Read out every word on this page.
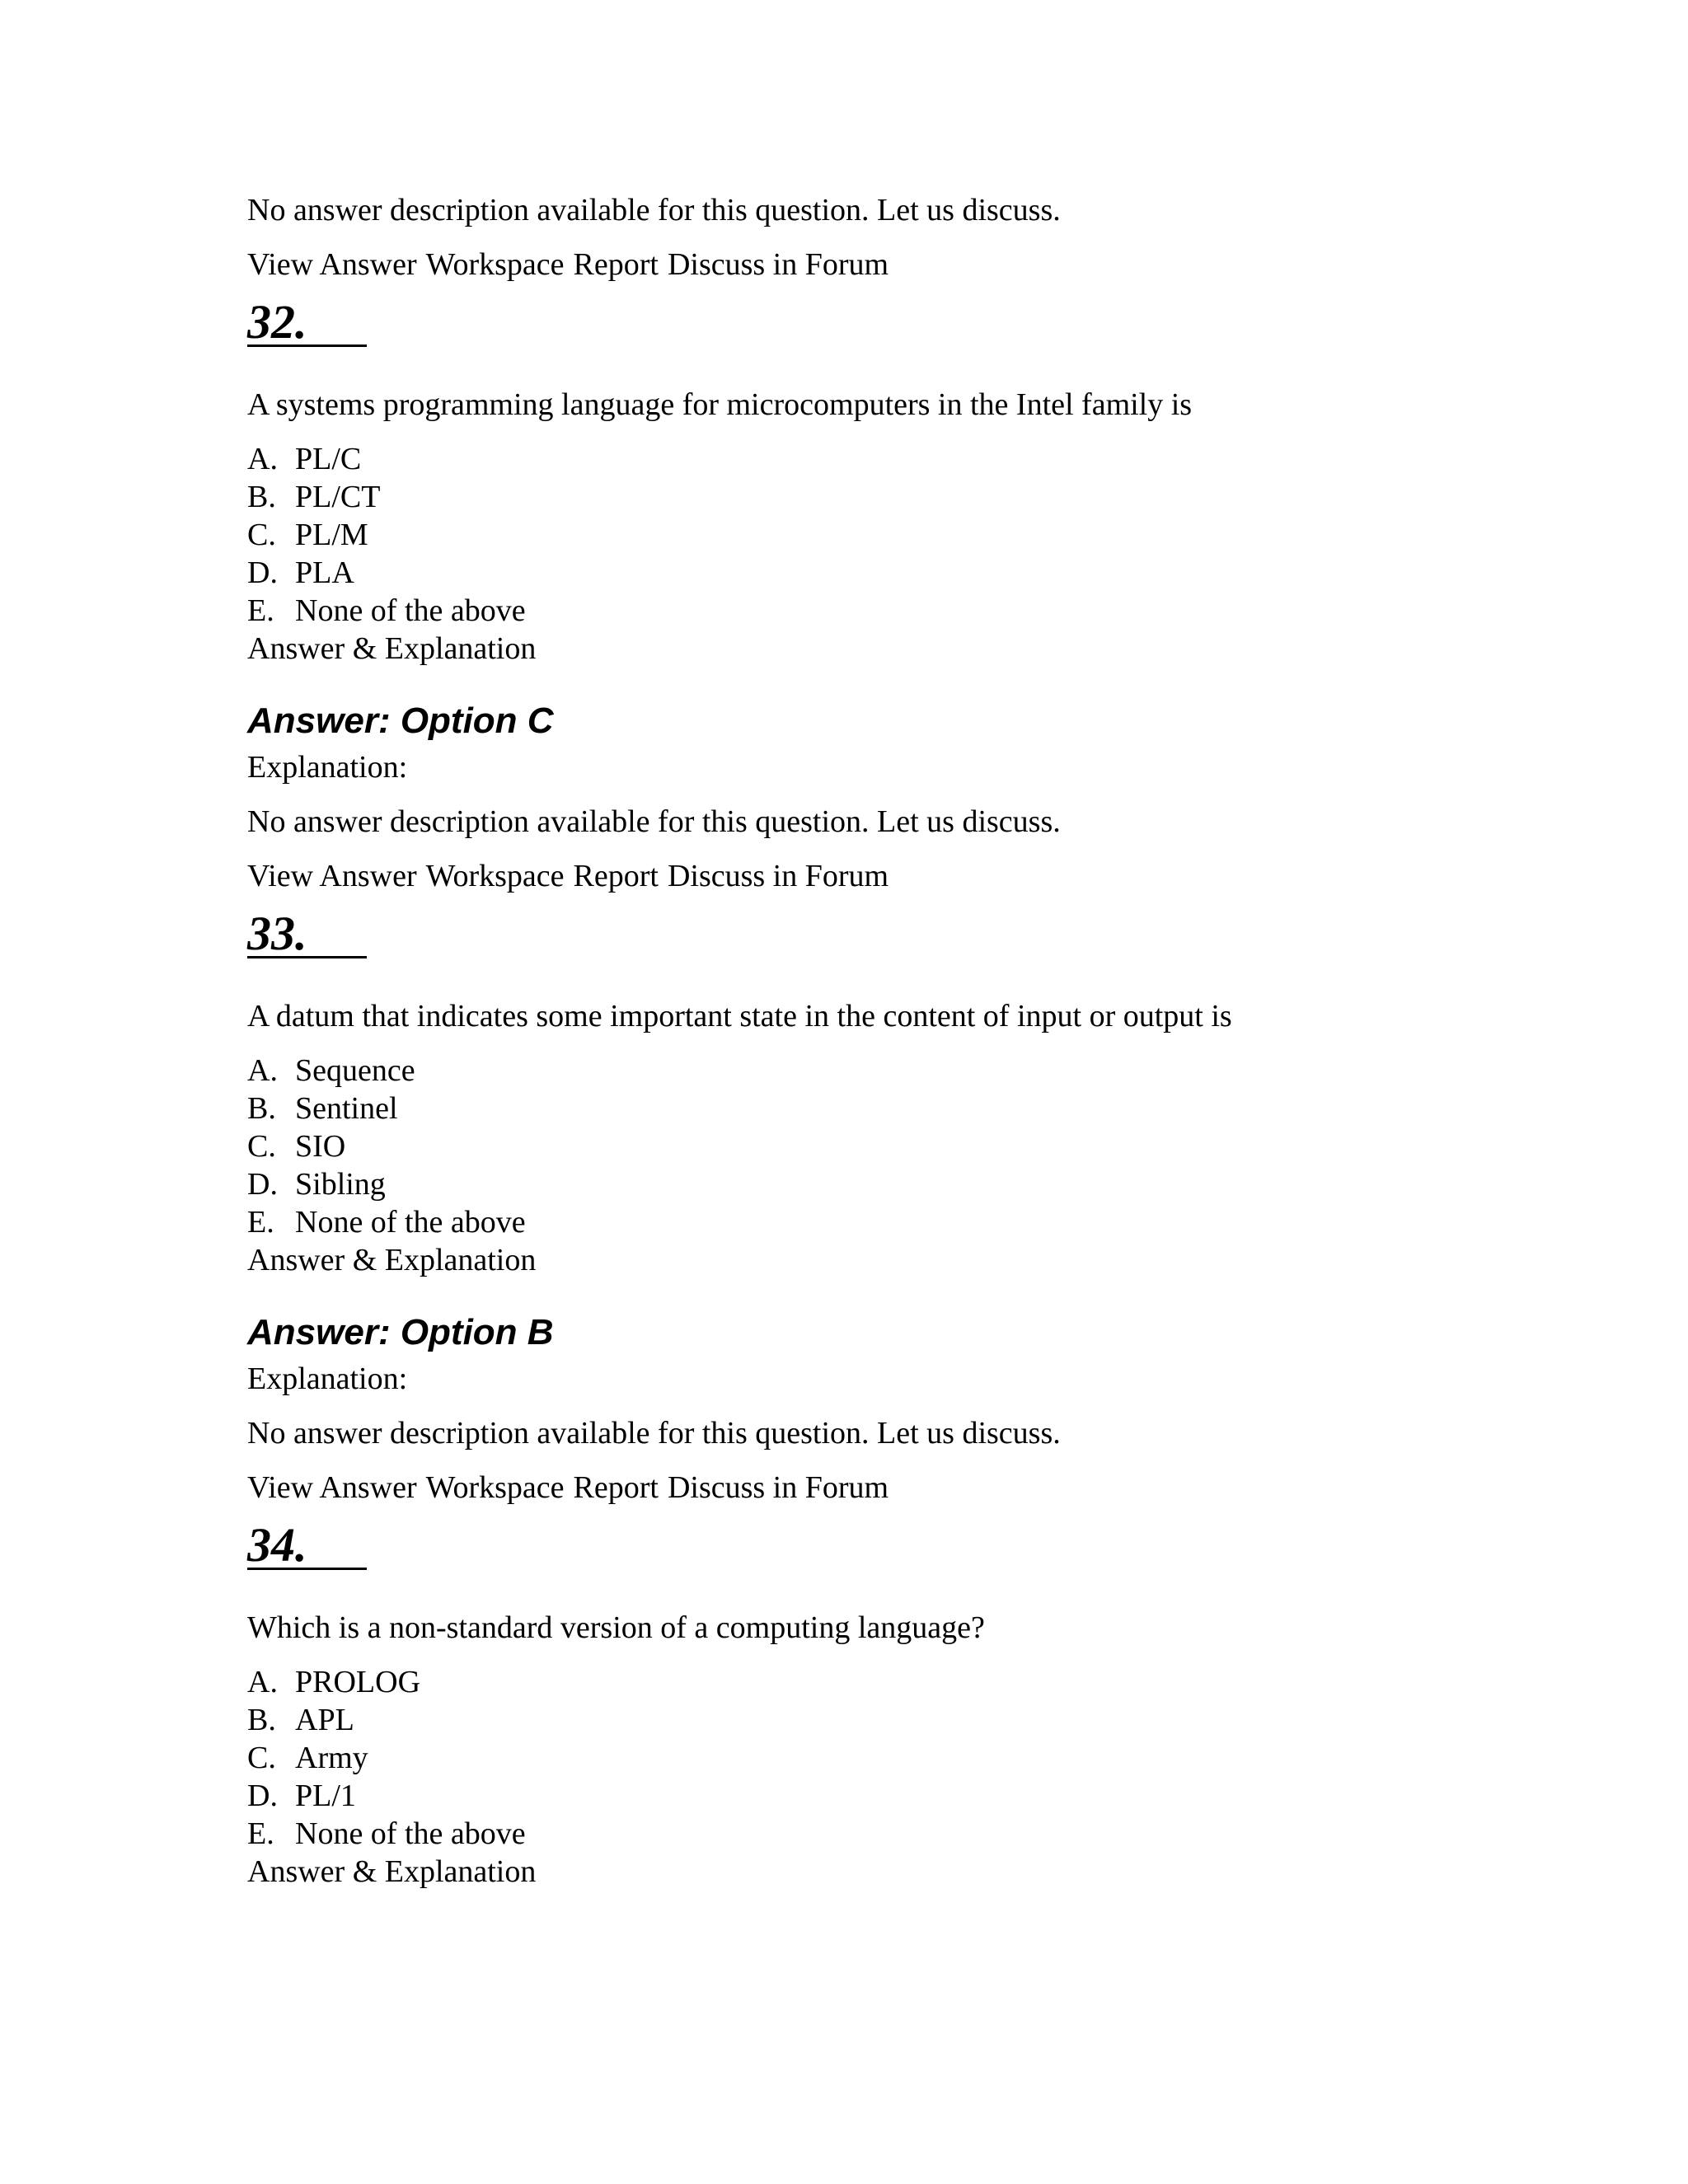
No answer description available for this question. Let us discuss.
View Answer Workspace Report Discuss in Forum
32.
A systems programming language for microcomputers in the Intel family is
A. PL/C
B. PL/CT
C. PL/M
D. PLA
E. None of the above
Answer & Explanation
Answer: Option C
Explanation:
No answer description available for this question. Let us discuss.
View Answer Workspace Report Discuss in Forum
33.
A datum that indicates some important state in the content of input or output is
A. Sequence
B. Sentinel
C. SIO
D. Sibling
E. None of the above
Answer & Explanation
Answer: Option B
Explanation:
No answer description available for this question. Let us discuss.
View Answer Workspace Report Discuss in Forum
34.
Which is a non-standard version of a computing language?
A. PROLOG
B. APL
C. Army
D. PL/1
E. None of the above
Answer & Explanation
